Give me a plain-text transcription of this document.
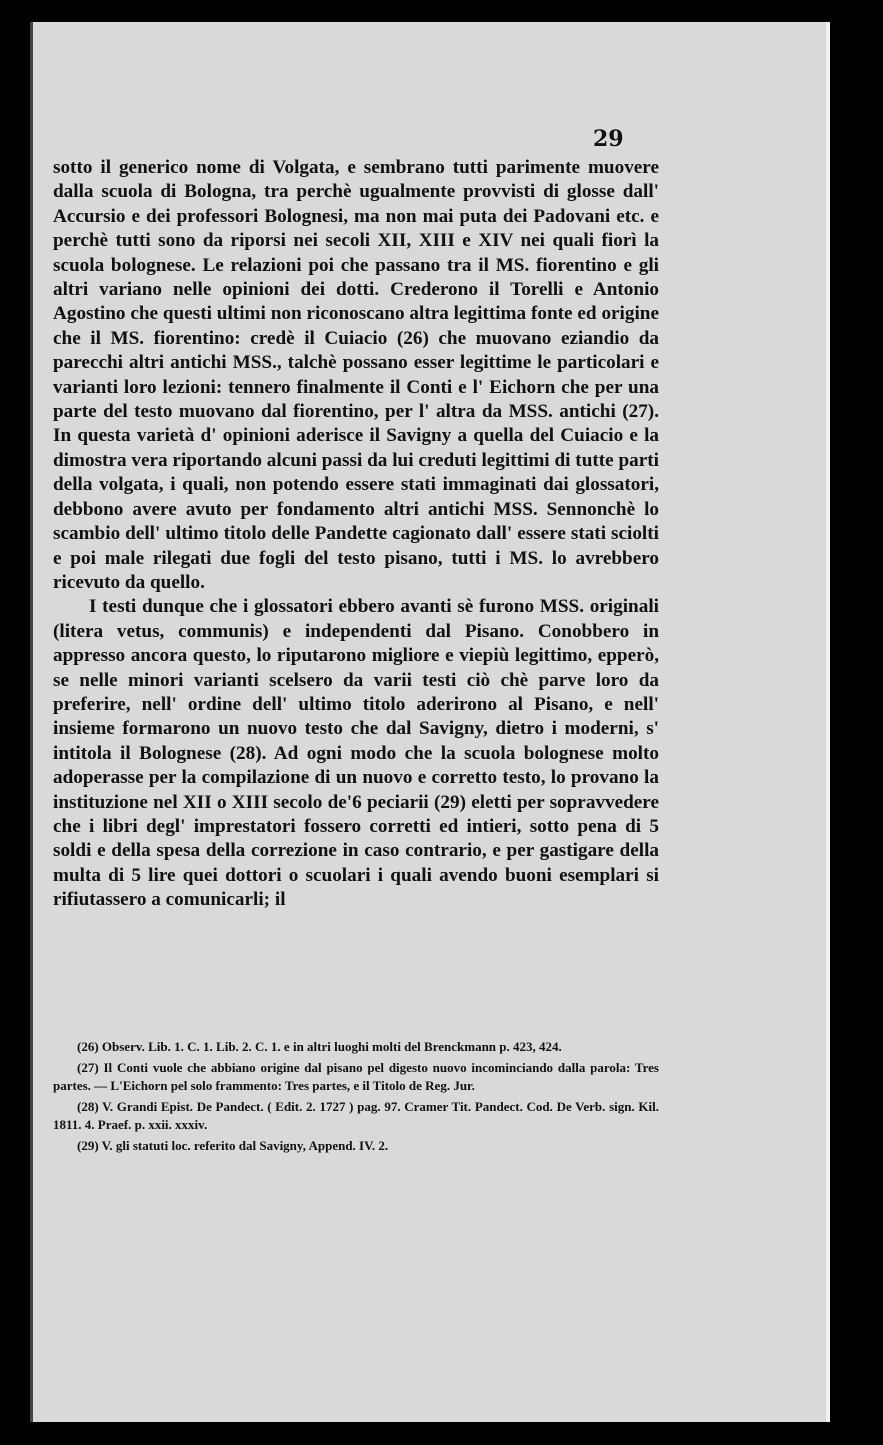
29

sotto il generico nome di Volgata, e sembrano tutti parimente muovere dalla scuola di Bologna, tra perchè ugualmente provvisti di glosse dall' Accursio e dei professori Bolognesi, ma non mai puta dei Padovani etc. e perchè tutti sono da riporsi nei secoli XII, XIII e XIV nei quali fiorì la scuola bolognese. Le relazioni poi che passano tra il MS. fiorentino e gli altri variano nelle opinioni dei dotti. Crederono il Torelli e Antonio Agostino che questi ultimi non riconoscano altra legittima fonte ed origine che il MS. fiorentino: credè il Cuiacio (26) che muovano eziandio da parecchi altri antichi MSS., talchè possano esser legittime le particolari e varianti loro lezioni: tennero finalmente il Conti e l' Eichorn che per una parte del testo muovano dal fiorentino, per l' altra da MSS. antichi (27). In questa varietà d' opinioni aderisce il Savigny a quella del Cuiacio e la dimostra vera riportando alcuni passi da lui creduti legittimi di tutte parti della volgata, i quali, non potendo essere stati immaginati dai glossatori, debbono avere avuto per fondamento altri antichi MSS. Sennonchè lo scambio dell' ultimo titolo delle Pandette cagionato dall' essere stati sciolti e poi male rilegati due fogli del testo pisano, tutti i MS. lo avrebbero ricevuto da quello.

I testi dunque che i glossatori ebbero avanti sè furono MSS. originali (litera vetus, communis) e independenti dal Pisano. Conobbero in appresso ancora questo, lo riputarono migliore e viepiù legittimo, epperò, se nelle minori varianti scelsero da varii testi ciò chè parve loro da preferire, nell' ordine dell' ultimo titolo aderirono al Pisano, e nell' insieme formarono un nuovo testo che dal Savigny, dietro i moderni, s' intitola il Bolognese (28). Ad ogni modo che la scuola bolognese molto adoperasse per la compilazione di un nuovo e corretto testo, lo provano la instituzione nel XII o XIII secolo de'6 peciarii (29) eletti per sopravvedere che i libri degl' imprestatori fossero corretti ed intieri, sotto pena di 5 soldi e della spesa della correzione in caso contrario, e per gastigare della multa di 5 lire quei dottori o scuolari i quali avendo buoni esemplari si rifiutassero a comunicarli; il

(26) Observ. Lib. 1. C. 1. Lib. 2. C. 1. e in altri luoghi molti del Brenckmann p. 423, 424.

(27) Il Conti vuole che abbiano origine dal pisano pel digesto nuovo incominciando dalla parola: Tres partes. — L'Eichorn pel solo frammento: Tres partes, e il Titolo de Reg. Jur.

(28) V. Grandi Epist. De Pandect. ( Edit. 2. 1727 ) pag. 97. Cramer Tit. Pandect. Cod. De Verb. sign. Kil. 1811. 4. Praef. p. xxii. xxxiv.

(29) V. gli statuti loc. referito dal Savigny, Append. IV. 2.
